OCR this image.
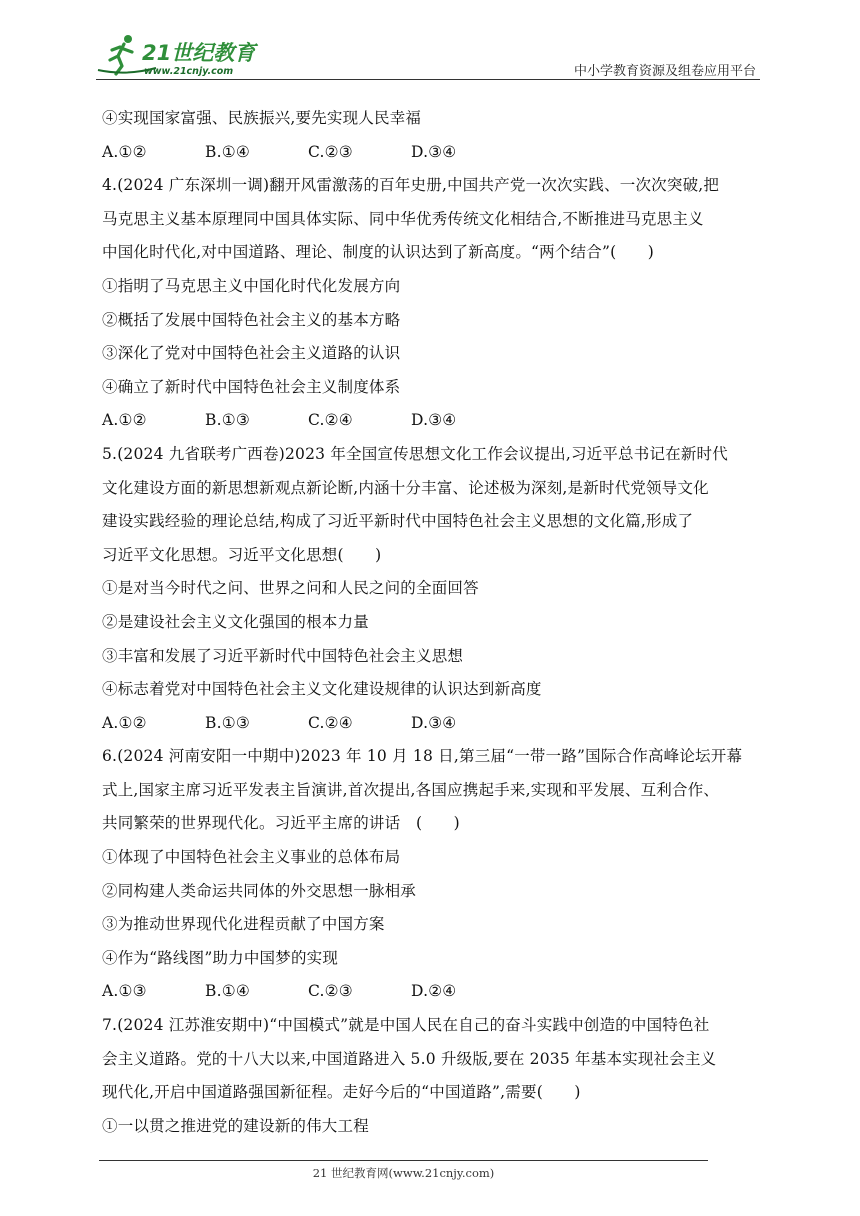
21世纪教育
www.21cnjy.com	中小学教育资源及组卷应用平台
④实现国家富强、民族振兴,要先实现人民幸福
A.①②	B.①④	C.②③	D.③④
4.(2024 广东深圳一调)翻开风雷激荡的百年史册,中国共产党一次次实践、一次次突破,把
马克思主义基本原理同中国具体实际、同中华优秀传统文化相结合,不断推进马克思主义
中国化时代化,对中国道路、理论、制度的认识达到了新高度。“两个结合”(　　)
①指明了马克思主义中国化时代化发展方向
②概括了发展中国特色社会主义的基本方略
③深化了党对中国特色社会主义道路的认识
④确立了新时代中国特色社会主义制度体系
A.①②	B.①③	C.②④	D.③④
5.(2024 九省联考广西卷)2023 年全国宣传思想文化工作会议提出,习近平总书记在新时代
文化建设方面的新思想新观点新论断,内涵十分丰富、论述极为深刻,是新时代党领导文化
建设实践经验的理论总结,构成了习近平新时代中国特色社会主义思想的文化篇,形成了
习近平文化思想。习近平文化思想(　　)
①是对当今时代之问、世界之问和人民之问的全面回答
②是建设社会主义文化强国的根本力量
③丰富和发展了习近平新时代中国特色社会主义思想
④标志着党对中国特色社会主义文化建设规律的认识达到新高度
A.①②	B.①③	C.②④	D.③④
6.(2024 河南安阳一中期中)2023 年 10 月 18 日,第三届“一带一路”国际合作高峰论坛开幕
式上,国家主席习近平发表主旨演讲,首次提出,各国应携起手来,实现和平发展、互利合作、
共同繁荣的世界现代化。习近平主席的讲话　(　　)
①体现了中国特色社会主义事业的总体布局
②同构建人类命运共同体的外交思想一脉相承
③为推动世界现代化进程贡献了中国方案
④作为“路线图”助力中国梦的实现
A.①③	B.①④	C.②③	D.②④
7.(2024 江苏淮安期中)“中国模式”就是中国人民在自己的奋斗实践中创造的中国特色社
会主义道路。党的十八大以来,中国道路进入 5.0 升级版,要在 2035 年基本实现社会主义
现代化,开启中国道路强国新征程。走好今后的“中国道路”,需要(　　)
①一以贯之推进党的建设新的伟大工程
21 世纪教育网(www.21cnjy.com)
